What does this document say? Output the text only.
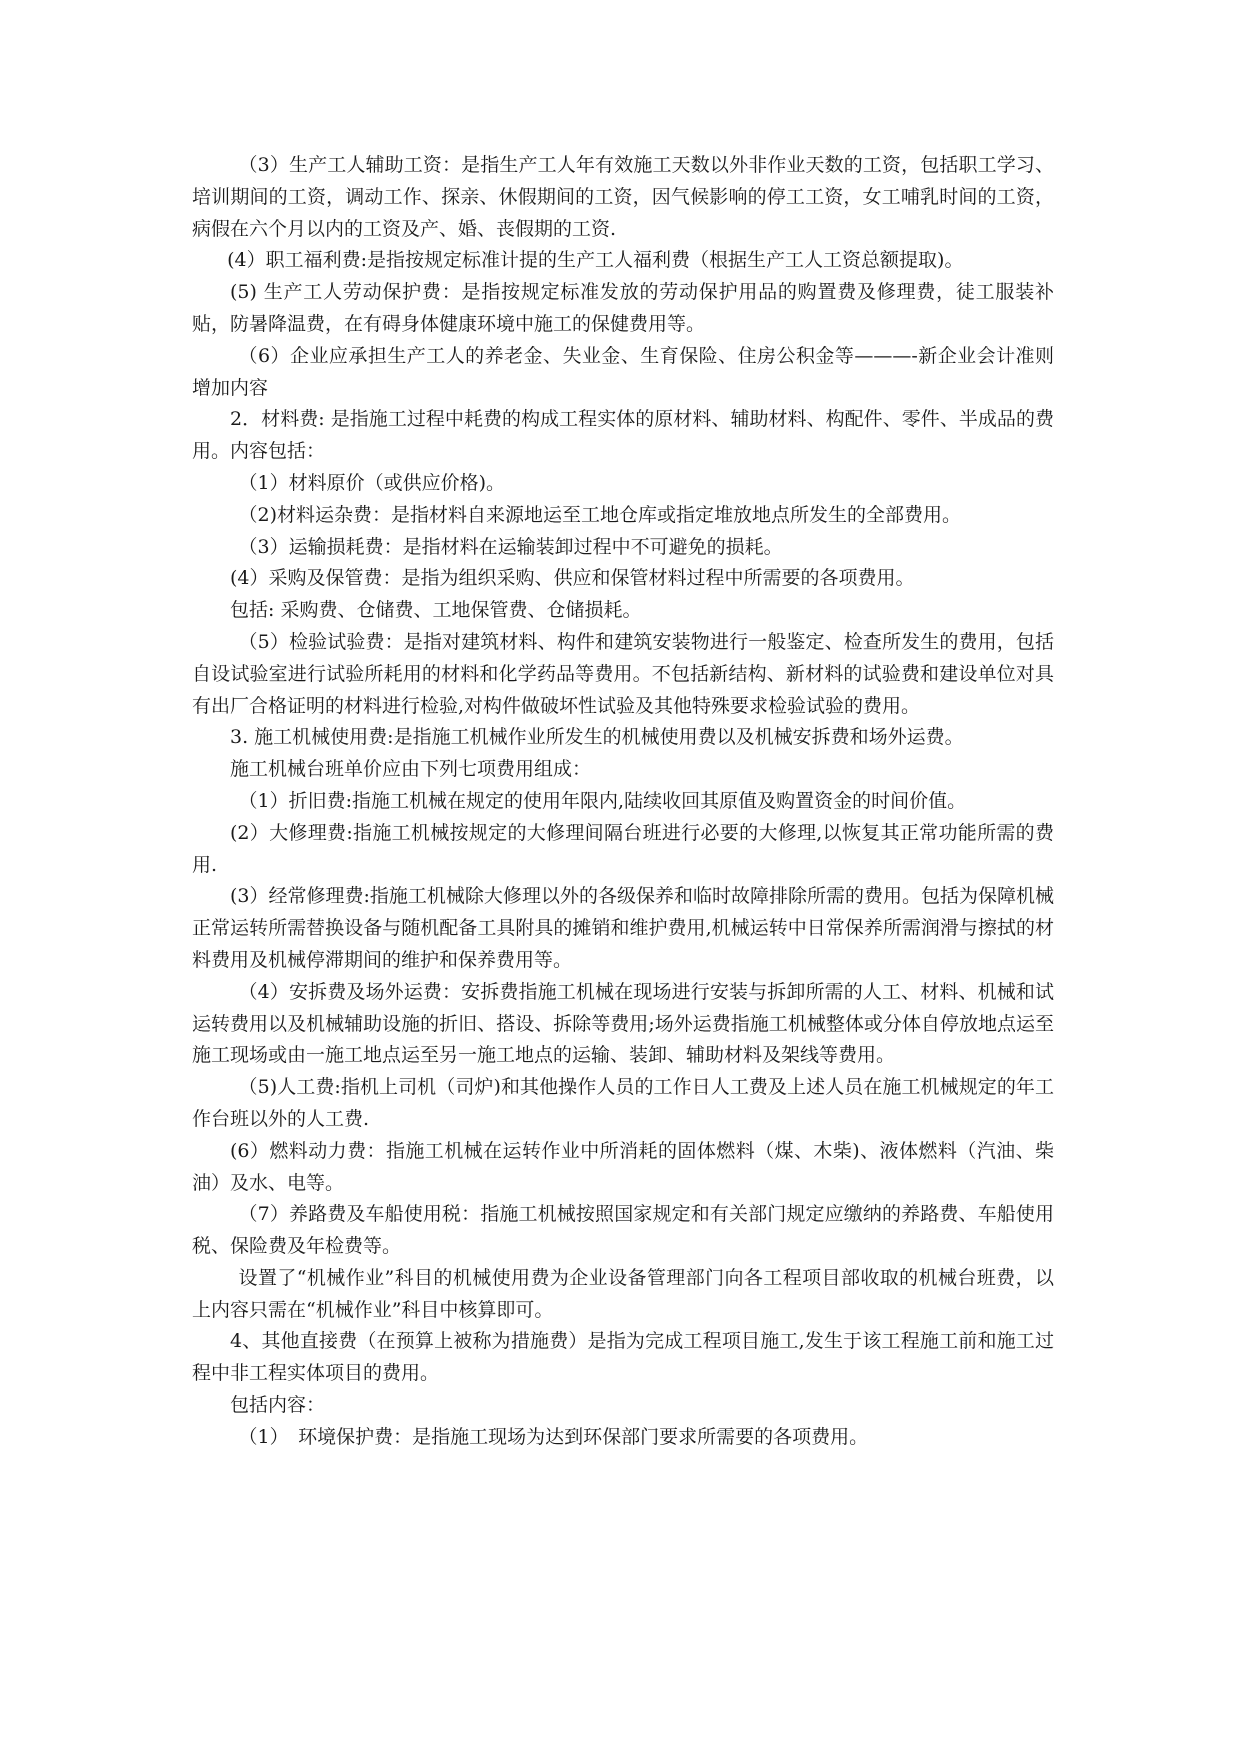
（3）生产工人辅助工资：是指生产工人年有效施工天数以外非作业天数的工资，包括职工学习、培训期间的工资，调动工作、探亲、休假期间的工资，因气候影响的停工工资，女工哺乳时间的工资，病假在六个月以内的工资及产、婚、丧假期的工资.

(4）职工福利费:是指按规定标准计提的生产工人福利费（根据生产工人工资总额提取)。

(5) 生产工人劳动保护费：是指按规定标准发放的劳动保护用品的购置费及修理费，徒工服装补贴，防暑降温费，在有碍身体健康环境中施工的保健费用等。

（6）企业应承担生产工人的养老金、失业金、生育保险、住房公积金等———-新企业会计准则增加内容

2．材料费: 是指施工过程中耗费的构成工程实体的原材料、辅助材料、构配件、零件、半成品的费用。内容包括：

（1）材料原价（或供应价格)。

（2)材料运杂费：是指材料自来源地运至工地仓库或指定堆放地点所发生的全部费用。

（3）运输损耗费：是指材料在运输装卸过程中不可避免的损耗。

(4）采购及保管费：是指为组织采购、供应和保管材料过程中所需要的各项费用。

包括: 采购费、仓储费、工地保管费、仓储损耗。

（5）检验试验费：是指对建筑材料、构件和建筑安装物进行一般鉴定、检查所发生的费用，包括自设试验室进行试验所耗用的材料和化学药品等费用。不包括新结构、新材料的试验费和建设单位对具有出厂合格证明的材料进行检验,对构件做破坏性试验及其他特殊要求检验试验的费用。

3. 施工机械使用费:是指施工机械作业所发生的机械使用费以及机械安拆费和场外运费。

施工机械台班单价应由下列七项费用组成：

（1）折旧费:指施工机械在规定的使用年限内,陆续收回其原值及购置资金的时间价值。

(2）大修理费:指施工机械按规定的大修理间隔台班进行必要的大修理,以恢复其正常功能所需的费用.

(3）经常修理费:指施工机械除大修理以外的各级保养和临时故障排除所需的费用。包括为保障机械正常运转所需替换设备与随机配备工具附具的摊销和维护费用,机械运转中日常保养所需润滑与擦拭的材料费用及机械停滞期间的维护和保养费用等。

（4）安拆费及场外运费：安拆费指施工机械在现场进行安装与拆卸所需的人工、材料、机械和试运转费用以及机械辅助设施的折旧、搭设、拆除等费用;场外运费指施工机械整体或分体自停放地点运至施工现场或由一施工地点运至另一施工地点的运输、装卸、辅助材料及架线等费用。

（5)人工费:指机上司机（司炉)和其他操作人员的工作日人工费及上述人员在施工机械规定的年工作台班以外的人工费.

(6）燃料动力费：指施工机械在运转作业中所消耗的固体燃料（煤、木柴)、液体燃料（汽油、柴油）及水、电等。

（7）养路费及车船使用税：指施工机械按照国家规定和有关部门规定应缴纳的养路费、车船使用税、保险费及年检费等。

设置了“机械作业”科目的机械使用费为企业设备管理部门向各工程项目部收取的机械台班费，以上内容只需在“机械作业”科目中核算即可。

4、其他直接费（在预算上被称为措施费）是指为完成工程项目施工,发生于该工程施工前和施工过程中非工程实体项目的费用。

包括内容：

（1）　环境保护费：是指施工现场为达到环保部门要求所需要的各项费用。
